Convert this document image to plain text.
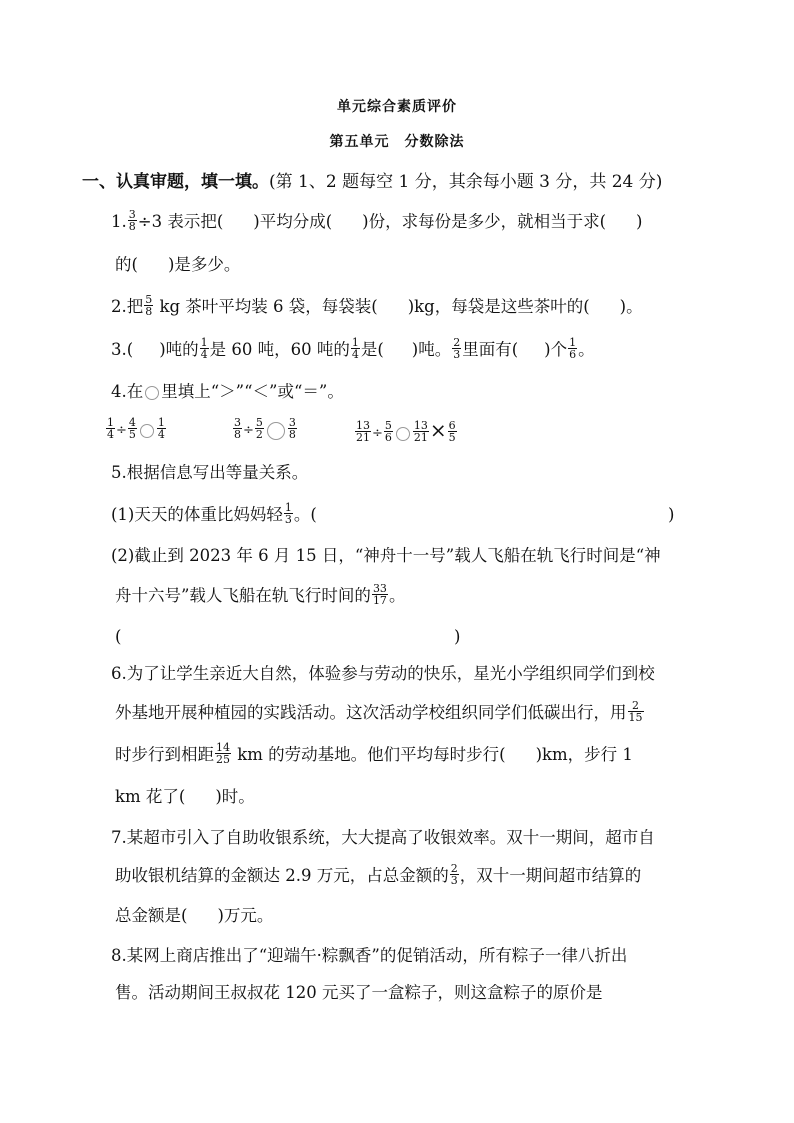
单元综合素质评价
第五单元　分数除法
一、认真审题，填一填。(第 1、2 题每空 1 分，其余每小题 3 分，共 24 分)
1. $\frac{3}{8} \div 3$ 表示把( )平均分成( )份，求每份是多少，就相当于求( )
的( )是多少。
2.把 $\frac{5}{8}$ kg 茶叶平均装 6 袋，每袋装( )kg，每袋是这些茶叶的( )。
3.( )吨的 $\frac{1}{4}$ 是 60 吨，60 吨的 $\frac{1}{4}$ 是( )吨。 $\frac{2}{3}$ 里面有( )个 $\frac{1}{6}$ 。
4.在 里填上“＞”“＜”或“＝”。
$\frac{1}{4} \div \frac{4}{5} \frac{1}{4}$	$\frac{3}{8} \div \frac{5}{2} \frac{3}{8}$	$\frac{13}{21} \div \frac{5}{6} \frac{13}{21} \times \frac{6}{5}$
5.根据信息写出等量关系。
(1)天天的体重比妈妈轻 $\frac{1}{3}$ 。(	)
(2)截止到 2023 年 6 月 15 日，“神舟十一号”载人飞船在轨飞行时间是“神
舟十六号”载人飞船在轨飞行时间的 $\frac{33}{17}$ 。
(	)
6.为了让学生亲近大自然，体验参与劳动的快乐，星光小学组织同学们到校
外基地开展种植园的实践活动。这次活动学校组织同学们低碳出行，用 $\frac{2}{15}$
时步行到相距 $\frac{14}{25}$ km 的劳动基地。他们平均每时步行( )km，步行 1
km 花了( )时。
7.某超市引入了自助收银系统，大大提高了收银效率。双十一期间，超市自
助收银机结算的金额达 2.9 万元，占总金额的 $\frac{2}{3}$ ，双十一期间超市结算的
总金额是( )万元。
8.某网上商店推出了“迎端午·粽飘香”的促销活动，所有粽子一律八折出
售。活动期间王叔叔花 120 元买了一盒粽子，则这盒粽子的原价是
